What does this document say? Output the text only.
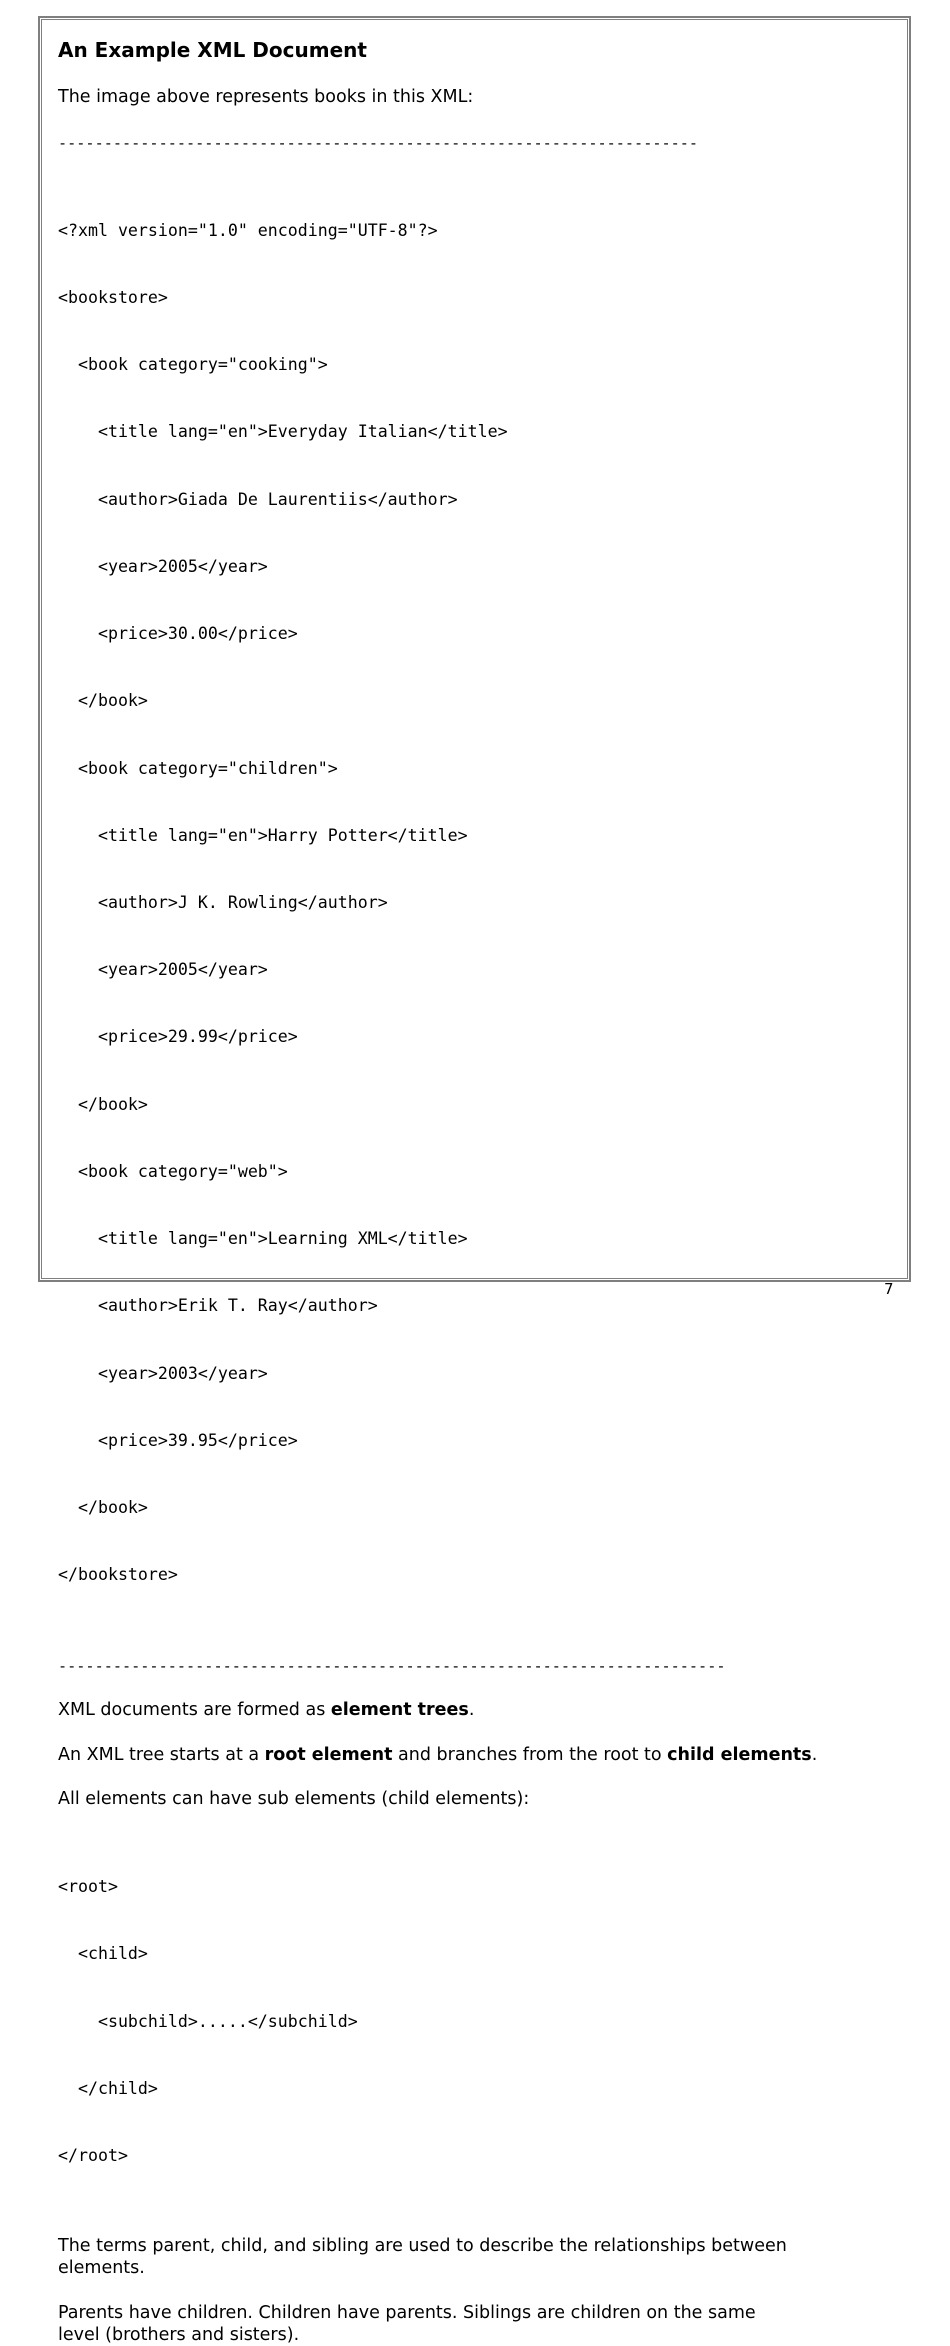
An Example XML Document

The image above represents books in this XML:

----------------------------------------------------------------------

<?xml version="1.0" encoding="UTF-8"?>

<bookstore>

<book category="cooking">

<title lang="en">Everyday Italian</title>

<author>Giada De Laurentiis</author>

<year>2005</year>

<price>30.00</price>

</book>

<book category="children">

<title lang="en">Harry Potter</title>

<author>J K. Rowling</author>

<year>2005</year>

<price>29.99</price>

</book>

<book category="web">

<title lang="en">Learning XML</title>

<author>Erik T. Ray</author>

<year>2003</year>

<price>39.95</price>

</book>

</bookstore>

-------------------------------------------------------------------------

XML documents are formed as element trees.

An XML tree starts at a root element and branches from the root to child elements.

All elements can have sub elements (child elements):

<root>

<child>

<subchild>.....</subchild>

</child>

</root>

The terms parent, child, and sibling are used to describe the relationships between elements.

Parents have children. Children have parents. Siblings are children on the same
level (brothers and sisters).

7
